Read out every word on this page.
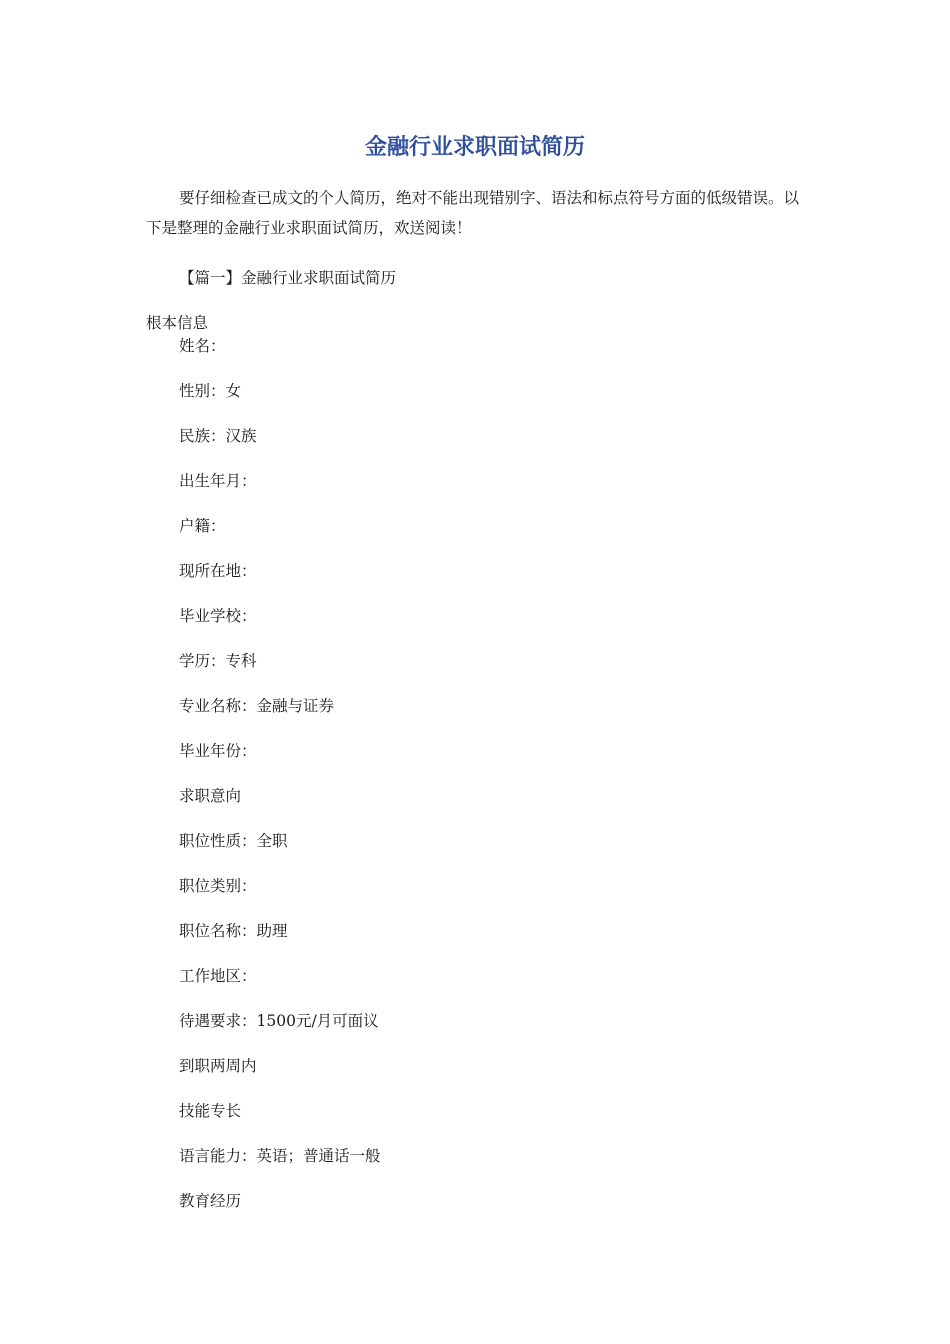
金融行业求职面试简历

要仔细检查已成文的个人简历，绝对不能出现错别字、语法和标点符号方面的低级错误。以下是整理的金融行业求职面试简历，欢送阅读！

【篇一】金融行业求职面试简历
根本信息
姓名：
性别：女
民族：汉族
出生年月：
户籍：
现所在地：
毕业学校：
学历：专科
专业名称：金融与证券
毕业年份：
求职意向
职位性质：全职
职位类别：
职位名称：助理
工作地区：
待遇要求：1500元/月可面议
到职两周内
技能专长
语言能力：英语；普通话一般
教育经历
